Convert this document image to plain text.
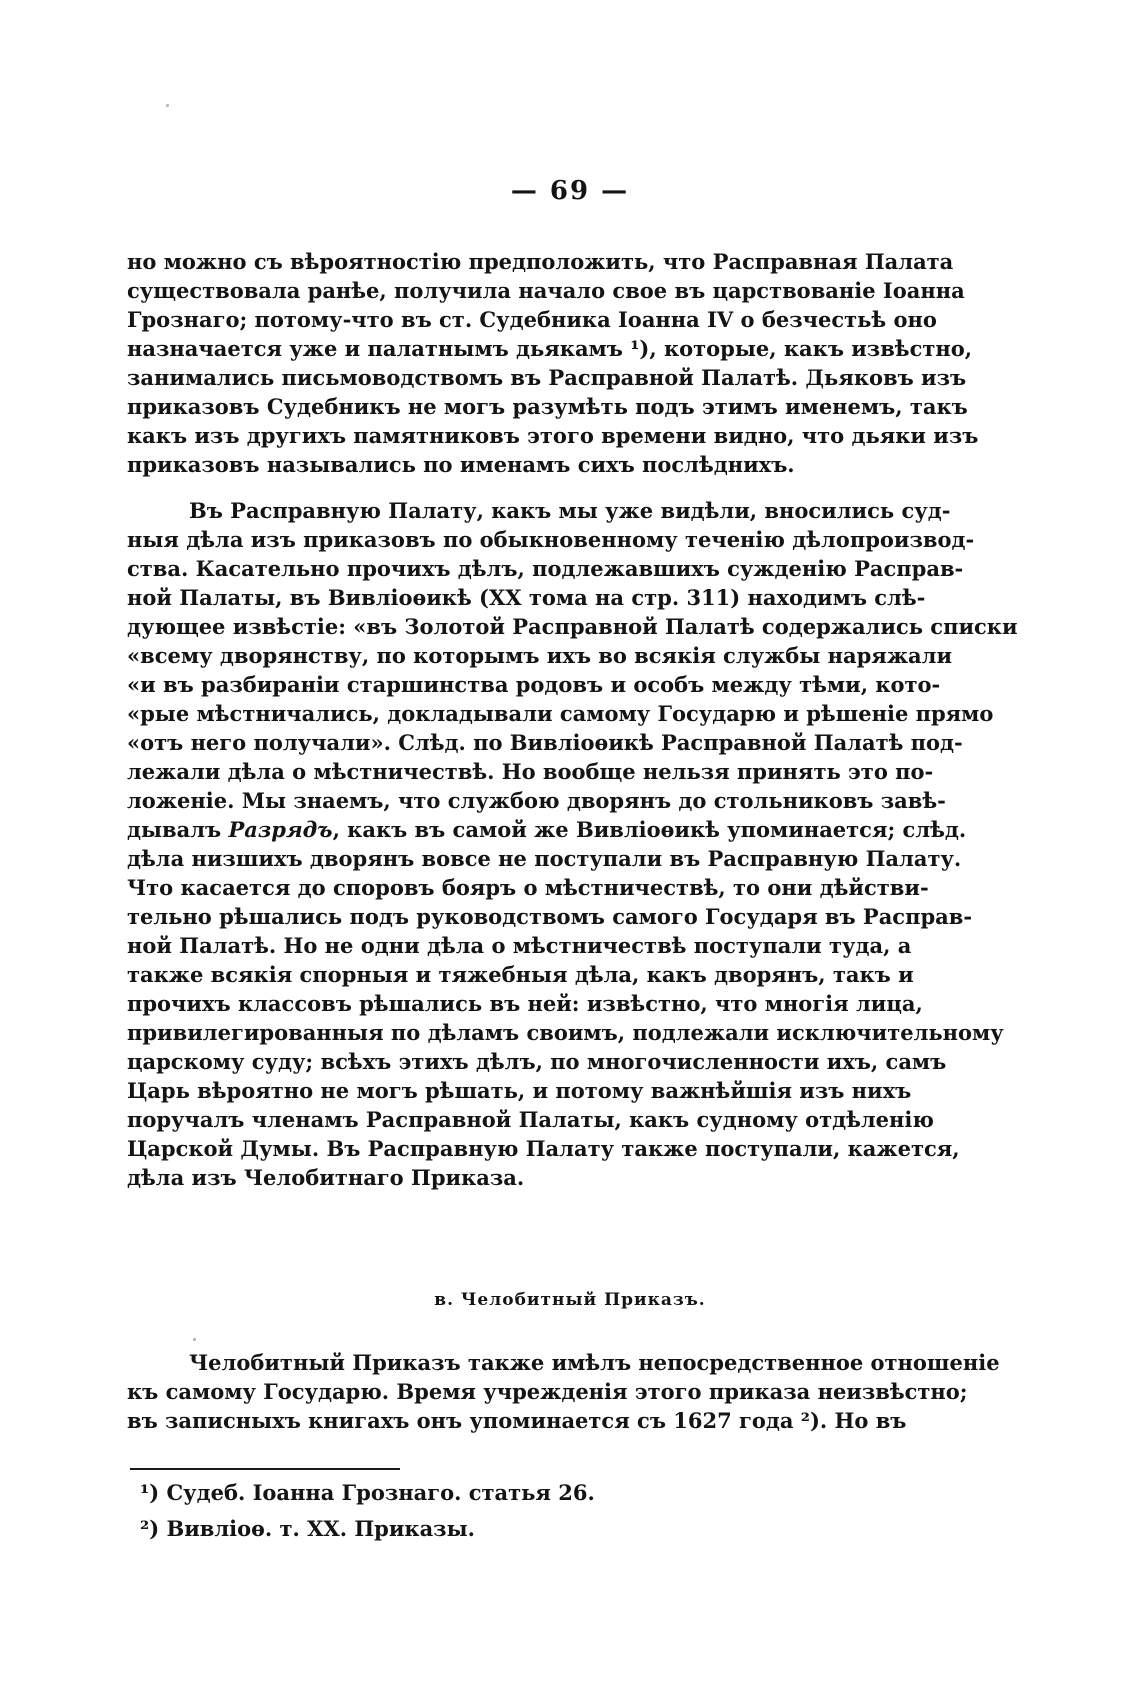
— 69 —
но можно съ вѣроятностію предположить, что Расправная Палата
существовала ранѣе, получила начало свое въ царствованіе Іоанна
Грознаго; потому-что въ ст. Судебника Іоанна IV о безчестьѣ оно
назначается уже и палатнымъ дьякамъ ¹), которые, какъ извѣстно,
занимались письмоводствомъ въ Расправной Палатѣ. Дьяковъ изъ
приказовъ Судебникъ не могъ разумѣть подъ этимъ именемъ, такъ
какъ изъ другихъ памятниковъ этого времени видно, что дьяки изъ
приказовъ назывались по именамъ сихъ послѣднихъ.
Въ Расправную Палату, какъ мы уже видѣли, вносились суд-
ныя дѣла изъ приказовъ по обыкновенному теченію дѣлопроизвод-
ства. Касательно прочихъ дѣлъ, подлежавшихъ сужденію Расправ-
ной Палаты, въ Вивліоѳикѣ (XX тома на стр. 311) находимъ слѣ-
дующее извѣстіе: «въ Золотой Расправной Палатѣ содержались списки
«всему дворянству, по которымъ ихъ во всякія службы наряжали
«и въ разбираніи старшинства родовъ и особъ между тѣми, кото-
«рые мѣстничались, докладывали самому Государю и рѣшеніе прямо
«отъ него получали». Слѣд. по Вивліоѳикѣ Расправной Палатѣ под-
лежали дѣла о мѣстничествѣ. Но вообще нельзя принять это по-
ложеніе. Мы знаемъ, что службою дворянъ до стольниковъ завѣ-
дывалъ Разрядъ, какъ въ самой же Вивліоѳикѣ упоминается; слѣд.
дѣла низшихъ дворянъ вовсе не поступали въ Расправную Палату.
Что касается до споровъ бояръ о мѣстничествѣ, то они дѣйстви-
тельно рѣшались подъ руководствомъ самого Государя въ Расправ-
ной Палатѣ. Но не одни дѣла о мѣстничествѣ поступали туда, а
также всякія спорныя и тяжебныя дѣла, какъ дворянъ, такъ и
прочихъ классовъ рѣшались въ ней: извѣстно, что многія лица,
привилегированныя по дѣламъ своимъ, подлежали исключительному
царскому суду; всѣхъ этихъ дѣлъ, по многочисленности ихъ, самъ
Царь вѣроятно не могъ рѣшать, и потому важнѣйшія изъ нихъ
поручалъ членамъ Расправной Палаты, какъ судному отдѣленію
Царской Думы. Въ Расправную Палату также поступали, кажется,
дѣла изъ Челобитнаго Приказа.
в. Челобитный Приказъ.
Челобитный Приказъ также имѣлъ непосредственное отношеніе
къ самому Государю. Время учрежденія этого приказа неизвѣстно;
въ записныхъ книгахъ онъ упоминается съ 1627 года ²). Но въ
¹) Судеб. Іоанна Грознаго. статья 26.
²) Вивліоѳ. т. XX. Приказы.
